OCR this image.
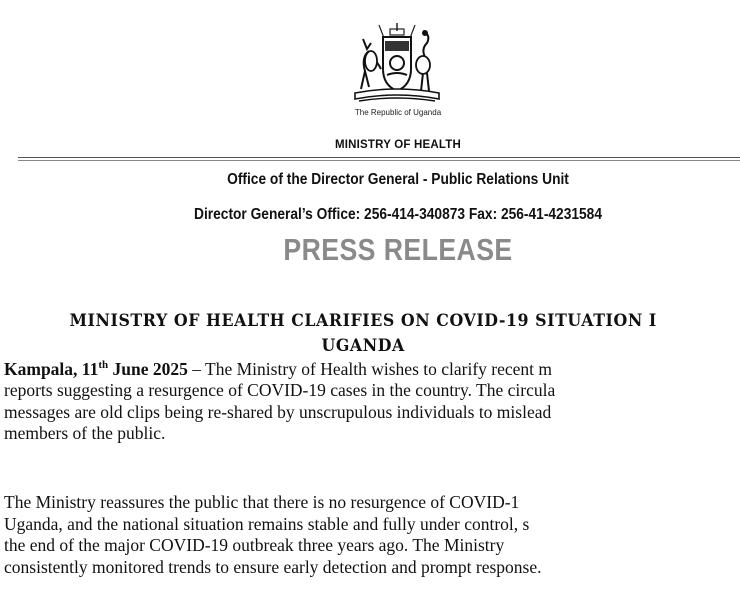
The Republic of Uganda
MINISTRY OF HEALTH
Office of the Director General - Public Relations Unit
Director General’s Office: 256-414-340873 Fax: 256-41-4231584
PRESS RELEASE
MINISTRY OF HEALTH CLARIFIES ON COVID-19 SITUATION I
UGANDA
Kampala, 11th June 2025 – The Ministry of Health wishes to clarify recent m
reports suggesting a resurgence of COVID-19 cases in the country. The circula
messages are old clips being re-shared by unscrupulous individuals to mislead
members of the public.
The Ministry reassures the public that there is no resurgence of COVID-1
Uganda, and the national situation remains stable and fully under control, s
the end of the major COVID-19 outbreak three years ago. The Ministry
consistently monitored trends to ensure early detection and prompt response.
